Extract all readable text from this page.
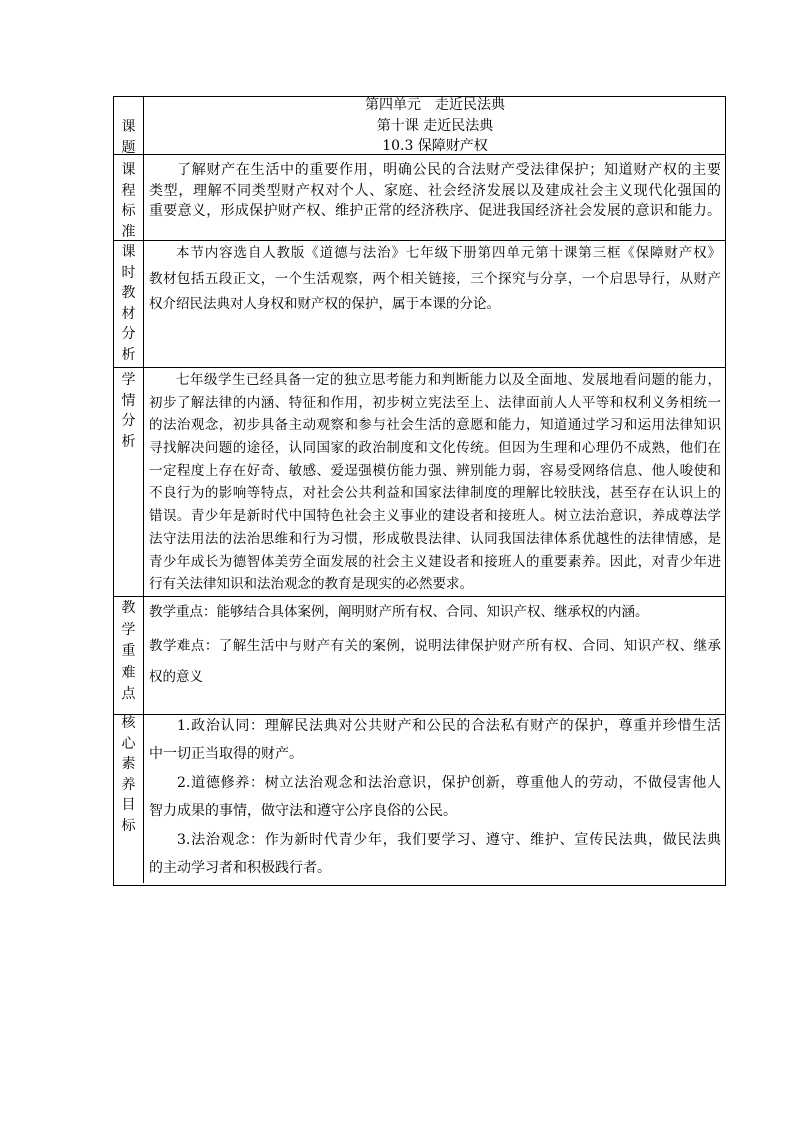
课题
第四单元　走近民法典
第十课 走近民法典
10.3 保障财产权
课程标准
了解财产在生活中的重要作用，明确公民的合法财产受法律保护；知道财产权的主要
类型，理解不同类型财产权对个人、家庭、社会经济发展以及建成社会主义现代化强国的
重要意义，形成保护财产权、维护正常的经济秩序、促进我国经济社会发展的意识和能力。
课时教材分析
本节内容选自人教版《道德与法治》七年级下册第四单元第十课第三框《保障财产权》
教材包括五段正文，一个生活观察，两个相关链接，三个探究与分享，一个启思导行，从财产
权介绍民法典对人身权和财产权的保护，属于本课的分论。
学情分析
七年级学生已经具备一定的独立思考能力和判断能力以及全面地、发展地看问题的能力，
初步了解法律的内涵、特征和作用，初步树立宪法至上、法律面前人人平等和权利义务相统一
的法治观念，初步具备主动观察和参与社会生活的意愿和能力，知道通过学习和运用法律知识
寻找解决问题的途径，认同国家的政治制度和文化传统。但因为生理和心理仍不成熟，他们在
一定程度上存在好奇、敏感、爱逞强模仿能力强、辨别能力弱，容易受网络信息、他人唆使和
不良行为的影响等特点，对社会公共利益和国家法律制度的理解比较肤浅，甚至存在认识上的
错误。青少年是新时代中国特色社会主义事业的建设者和接班人。树立法治意识，养成尊法学
法守法用法的法治思维和行为习惯，形成敬畏法律、认同我国法律体系优越性的法律情感，是
青少年成长为德智体美劳全面发展的社会主义建设者和接班人的重要素养。因此，对青少年进
行有关法律知识和法治观念的教育是现实的必然要求。
教学重难点
教学重点：能够结合具体案例，阐明财产所有权、合同、知识产权、继承权的内涵。
教学难点：了解生活中与财产有关的案例，说明法律保护财产所有权、合同、知识产权、继承
权的意义
核心素养目标
1.政治认同：理解民法典对公共财产和公民的合法私有财产的保护，尊重并珍惜生活
中一切正当取得的财产。
2.道德修养：树立法治观念和法治意识，保护创新，尊重他人的劳动，不做侵害他人
智力成果的事情，做守法和遵守公序良俗的公民。
3.法治观念：作为新时代青少年，我们要学习、遵守、维护、宣传民法典，做民法典
的主动学习者和积极践行者。
